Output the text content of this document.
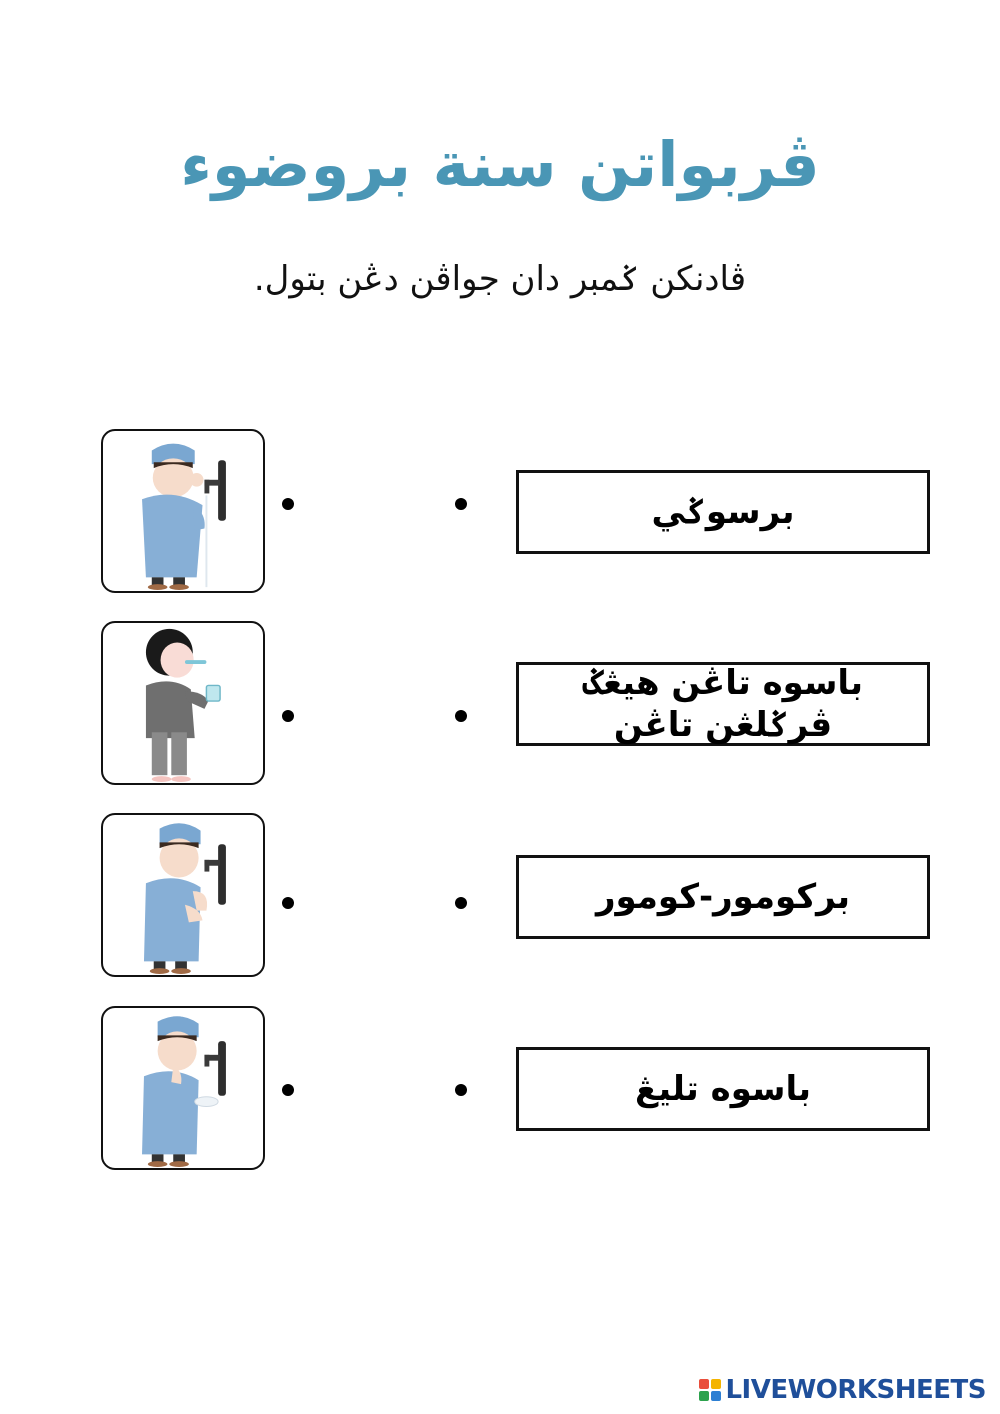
ڤربواتن سنة بروضوء
ڤادنكن ݢمبر دان جواڤن دڠن بتول.
برسوݢي
باسوه تاڠن هيڠݢ ڤرݢلڠن تاڠن
بركومور-كومور
باسوه تليڠ
LIVEWORKSHEETS
